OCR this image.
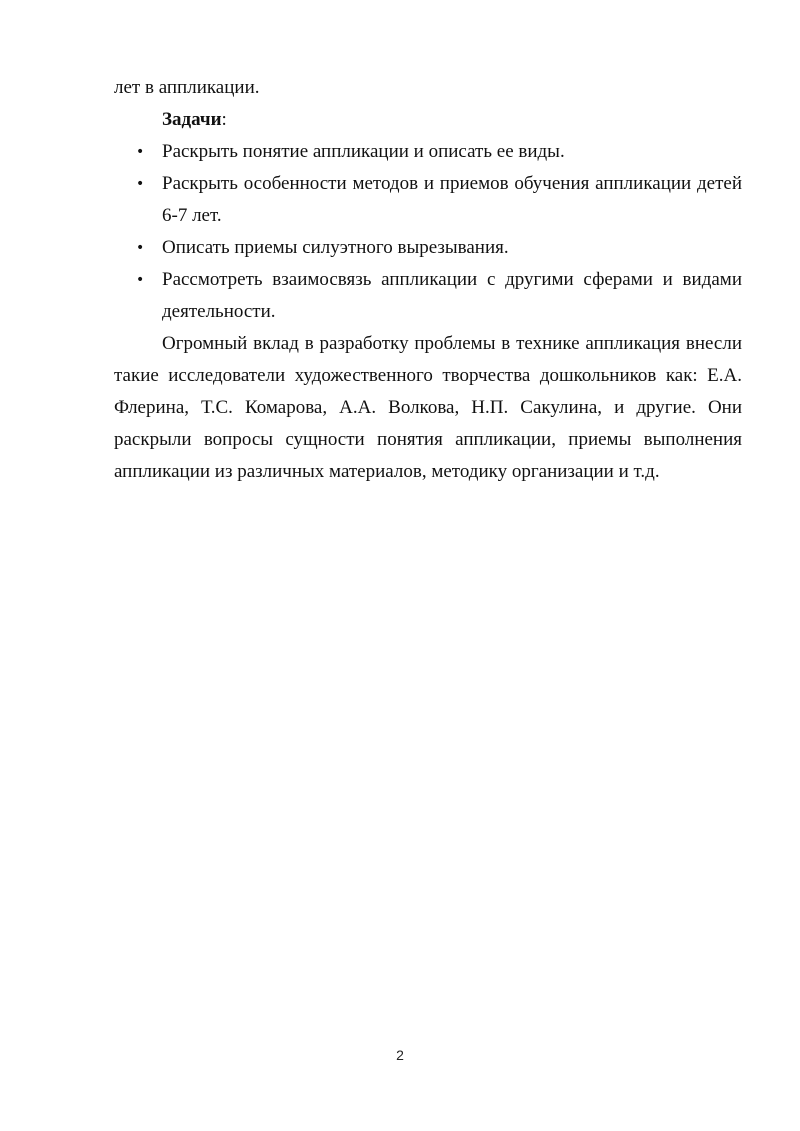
лет в аппликации.

Задачи:

• Раскрыть понятие аппликации и описать ее виды.
• Раскрыть особенности методов и приемов обучения аппликации детей 6-7 лет.
• Описать приемы силуэтного вырезывания.
• Рассмотреть взаимосвязь аппликации с другими сферами и видами деятельности.

Огромный вклад в разработку проблемы в технике аппликация внесли такие исследователи художественного творчества дошкольников как: Е.А. Флерина, Т.С. Комарова, А.А. Волкова, Н.П. Сакулина, и другие. Они раскрыли вопросы сущности понятия аппликации, приемы выполнения аппликации из различных материалов, методику организации и т.д.

2
